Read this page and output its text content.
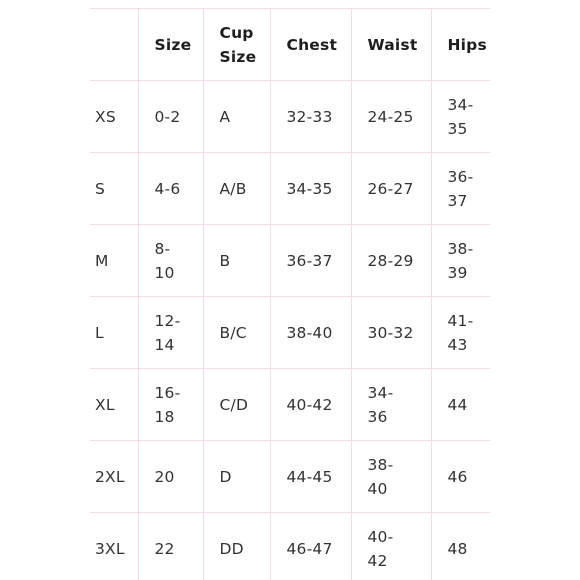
	Size	Cup
Size	Chest	Waist	Hips

XS	0-2	A	32-33	24-25	34-
35

S	4-6	A/B	34-35	26-27	36-
37

M	8-
10	B	36-37	28-29	38-
39

L	12-
14	B/C	38-40	30-32	41-
43

XL	16-
18	C/D	40-42	34-
36	44

2XL	20	D	44-45	38-
40	46

3XL	22	DD	46-47	40-
42	48
